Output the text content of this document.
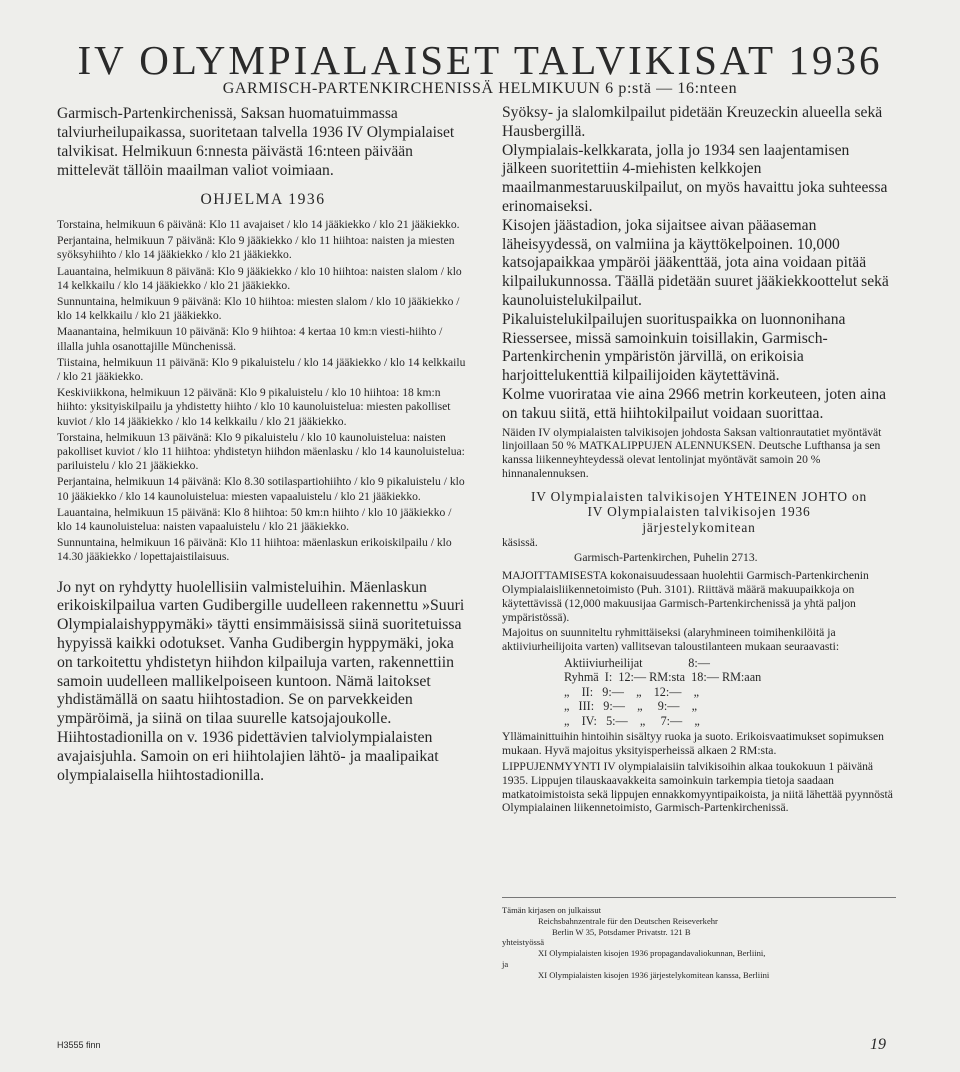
IV OLYMPIALAISET TALVIKISAT 1936
GARMISCH-PARTENKIRCHENISSÄ HELMIKUUN 6 p:stä — 16:nteen

Garmisch-Partenkirchenissä, Saksan huomatuimmassa talviurheilupaikassa, suoritetaan talvella 1936 IV Olympialaiset talvikisat. Helmikuun 6:nnesta päivästä 16:nteen päivään mittelevät tällöin maailman valiot voimiaan.

OHJELMA 1936

Torstaina, helmikuun 6 päivänä: Klo 11 avajaiset / klo 14 jääkiekko / klo 21 jääkiekko.

Perjantaina, helmikuun 7 päivänä: Klo 9 jääkiekko / klo 11 hiihtoa: naisten ja miesten syöksyhiihto / klo 14 jääkiekko / klo 21 jääkiekko.

Lauantaina, helmikuun 8 päivänä: Klo 9 jääkiekko / klo 10 hiihtoa: naisten slalom / klo 14 kelkkailu / klo 14 jääkiekko / klo 21 jääkiekko.

Sunnuntaina, helmikuun 9 päivänä: Klo 10 hiihtoa: miesten slalom / klo 10 jääkiekko / klo 14 kelkkailu / klo 21 jääkiekko.

Maanantaina, helmikuun 10 päivänä: Klo 9 hiihtoa: 4 kertaa 10 km:n viesti-hiihto / illalla juhla osanottajille Münchenissä.

Tiistaina, helmikuun 11 päivänä: Klo 9 pikaluistelu / klo 14 jääkiekko / klo 14 kelkkailu / klo 21 jääkiekko.

Keskiviikkona, helmikuun 12 päivänä: Klo 9 pikaluistelu / klo 10 hiihtoa: 18 km:n hiihto: yksityiskilpailu ja yhdistetty hiihto / klo 10 kaunoluistelua: miesten pakolliset kuviot / klo 14 jääkiekko / klo 14 kelkkailu / klo 21 jääkiekko.

Torstaina, helmikuun 13 päivänä: Klo 9 pikaluistelu / klo 10 kaunoluistelua: naisten pakolliset kuviot / klo 11 hiihtoa: yhdistetyn hiihdon mäenlasku / klo 14 kaunoluistelua: pariluistelu / klo 21 jääkiekko.

Perjantaina, helmikuun 14 päivänä: Klo 8.30 sotilaspartiohiihto / klo 9 pikaluistelu / klo 10 jääkiekko / klo 14 kaunoluistelua: miesten vapaaluistelu / klo 21 jääkiekko.

Lauantaina, helmikuun 15 päivänä: Klo 8 hiihtoa: 50 km:n hiihto / klo 10 jääkiekko / klo 14 kaunoluistelua: naisten vapaaluistelu / klo 21 jääkiekko.

Sunnuntaina, helmikuun 16 päivänä: Klo 11 hiihtoa: mäenlaskun erikoiskilpailu / klo 14.30 jääkiekko / lopettajaistilaisuus.

Jo nyt on ryhdytty huolellisiin valmisteluihin. Mäenlaskun erikoiskilpailua varten Gudibergille uudelleen rakennettu »Suuri Olympialaishyppymäki» täytti ensimmäisissä siinä suoritetuissa hypyissä kaikki odotukset. Vanha Gudibergin hyppymäki, joka on tarkoitettu yhdistetyn hiihdon kilpailuja varten, rakennettiin samoin uudelleen mallikelpoiseen kuntoon. Nämä laitokset yhdistämällä on saatu hiihtostadion. Se on parvekkeiden ympäröimä, ja siinä on tilaa suurelle katsojajoukolle. Hiihtostadionilla on v. 1936 pidettävien talviolympialaisten avajaisjuhla. Samoin on eri hiihtolajien lähtö- ja maalipaikat olympialaisella hiihtostadionilla.

Syöksy- ja slalomkilpailut pidetään Kreuzeckin alueella sekä Hausbergillä.

Olympialais-kelkkarata, jolla jo 1934 sen laajentamisen jälkeen suoritettiin 4-miehisten kelkkojen maailmanmestaruuskilpailut, on myös havaittu joka suhteessa erinomaiseksi.

Kisojen jäästadion, joka sijaitsee aivan pääaseman läheisyydessä, on valmiina ja käyttökelpoinen. 10,000 katsojapaikkaa ympäröi jääkenttää, jota aina voidaan pitää kilpailukunnossa. Täällä pidetään suuret jääkiekkoottelut sekä kaunoluistelukilpailut.

Pikaluistelukilpailujen suorituspaikka on luonnonihana Riessersee, missä samoinkuin toisillakin, Garmisch-Partenkirchenin ympäristön järvillä, on erikoisia harjoittelukenttiä kilpailijoiden käytettävinä.

Kolme vuorirataa vie aina 2966 metrin korkeuteen, joten aina on takuu siitä, että hiihtokilpailut voidaan suorittaa.

Näiden IV olympialaisten talvikisojen johdosta Saksan valtionrautatiet myöntävät linjoillaan 50 % MATKALIPPUJEN ALENNUKSEN. Deutsche Lufthansa ja sen kanssa liikenneyhteydessä olevat lentolinjat myöntävät samoin 20 % hinnanalennuksen.

IV Olympialaisten talvikisojen YHTEINEN JOHTO on
IV Olympialaisten talvikisojen 1936
järjestelykomitean
käsissä.
Garmisch-Partenkirchen, Puhelin 2713.

MAJOITTAMISESTA kokonaisuudessaan huolehtii Garmisch-Partenkirchenin Olympialaisliikennetoimisto (Puh. 3101). Riittävä määrä makuupaikkoja on käytettävissä (12,000 makuusijaa Garmisch-Partenkirchenissä ja yhtä paljon ympäristössä).

Majoitus on suunniteltu ryhmittäiseksi (alaryhmineen toimihenkilöitä ja aktiiviurheilijoita varten) vallitsevan taloustilanteen mukaan seuraavasti:

Aktiiviurheilijat               8:—
Ryhmä  I:  12:— RM:sta  18:— RM:aan
„    II:   9:—    „    12:—    „
„   III:   9:—    „     9:—    „
„    IV:   5:—    „     7:—    „

Yllämainittuihin hintoihin sisältyy ruoka ja suoto. Erikoisvaatimukset sopimuksen mukaan. Hyvä majoitus yksityisperheissä alkaen 2 RM:sta.

LIPPUJENMYYNTI IV olympialaisiin talvikisoihin alkaa toukokuun 1 päivänä 1935. Lippujen tilauskaavakkeita samoinkuin tarkempia tietoja saadaan matkatoimistoista sekä lippujen ennakkomyyntipaikoista, ja niitä lähettää pyynnöstä Olympialainen liikennetoimisto, Garmisch-Partenkirchenissä.

Tämän kirjasen on julkaissut
Reichsbahnzentrale für den Deutschen Reiseverkehr
Berlin W 35, Potsdamer Privatstr. 121 B
yhteistyössä
XI Olympialaisten kisojen 1936 propagandavaliokunnan, Berliini,
ja
XI Olympialaisten kisojen 1936 järjestelykomitean kanssa, Berliini
H3555 finn	19
